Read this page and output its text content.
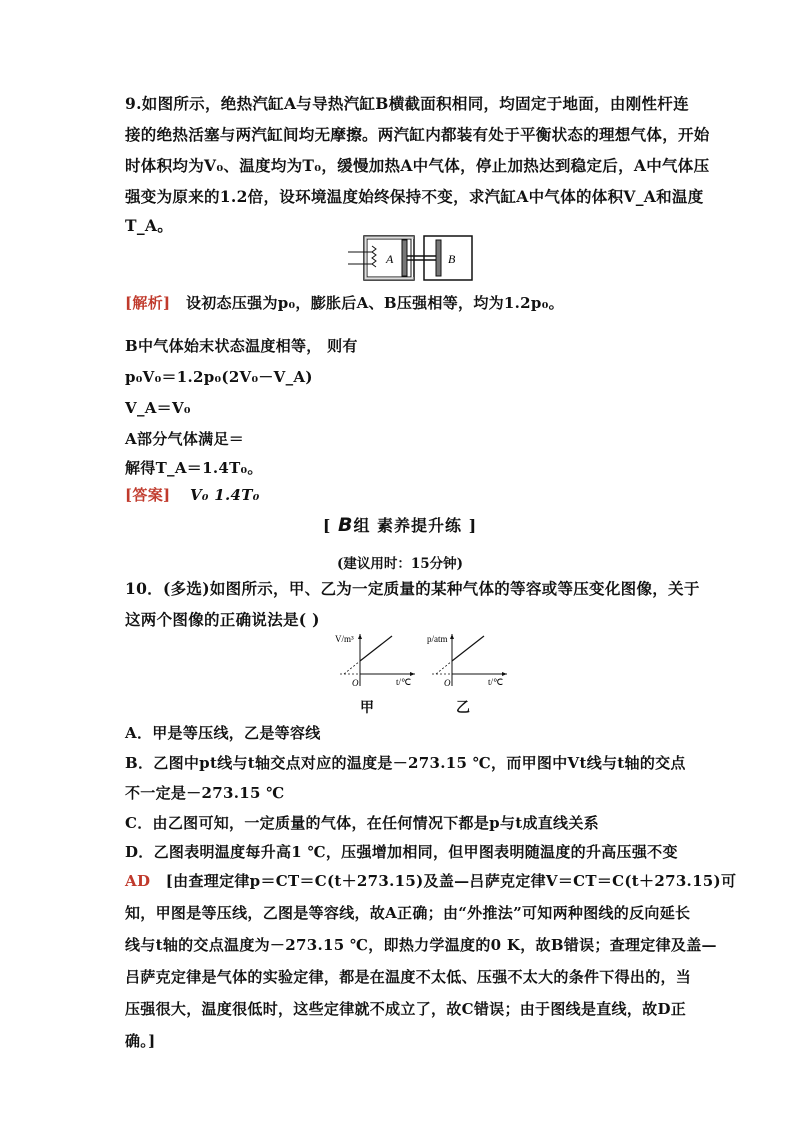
9.如图所示，绝热汽缸A与导热汽缸B横截面积相同，均固定于地面，由刚性杆连
接的绝热活塞与两汽缸间均无摩擦。两汽缸内都装有处于平衡状态的理想气体，开始
时体积均为V₀、温度均为T₀，缓慢加热A中气体，停止加热达到稳定后，A中气体压
强变为原来的1.2倍，设环境温度始终保持不变，求汽缸A中气体的体积V_A和温度
T_A。
A	B
[解析] 设初态压强为p₀，膨胀后A、B压强相等，均为1.2p₀。
B中气体始末状态温度相等， 则有
p₀V₀＝1.2p₀(2V₀－V_A)
V_A＝V₀
A部分气体满足＝
解得T_A＝1.4T₀。
[答案] V₀ 1.4T₀
[ B组 素养提升练 ]
(建议用时：15分钟)
10．(多选)如图所示，甲、乙为一定质量的某种气体的等容或等压变化图像，关于
这两个图像的正确说法是( )
V/m³
O	t/℃
甲
p/atm
O	t/℃
乙
A．甲是等压线，乙是等容线
B．乙图中pt线与t轴交点对应的温度是－273.15 ℃，而甲图中Vt线与t轴的交点
不一定是－273.15 ℃
C．由乙图可知，一定质量的气体，在任何情况下都是p与t成直线关系
D．乙图表明温度每升高1 ℃，压强增加相同，但甲图表明随温度的升高压强不变
AD [由查理定律p＝CT＝C(t＋273.15)及盖—吕萨克定律V＝CT＝C(t＋273.15)可
知，甲图是等压线，乙图是等容线，故A正确；由“外推法”可知两种图线的反向延长
线与t轴的交点温度为－273.15 ℃，即热力学温度的0 K，故B错误；查理定律及盖—
吕萨克定律是气体的实验定律，都是在温度不太低、压强不太大的条件下得出的，当
压强很大，温度很低时，这些定律就不成立了，故C错误；由于图线是直线，故D正
确。]
